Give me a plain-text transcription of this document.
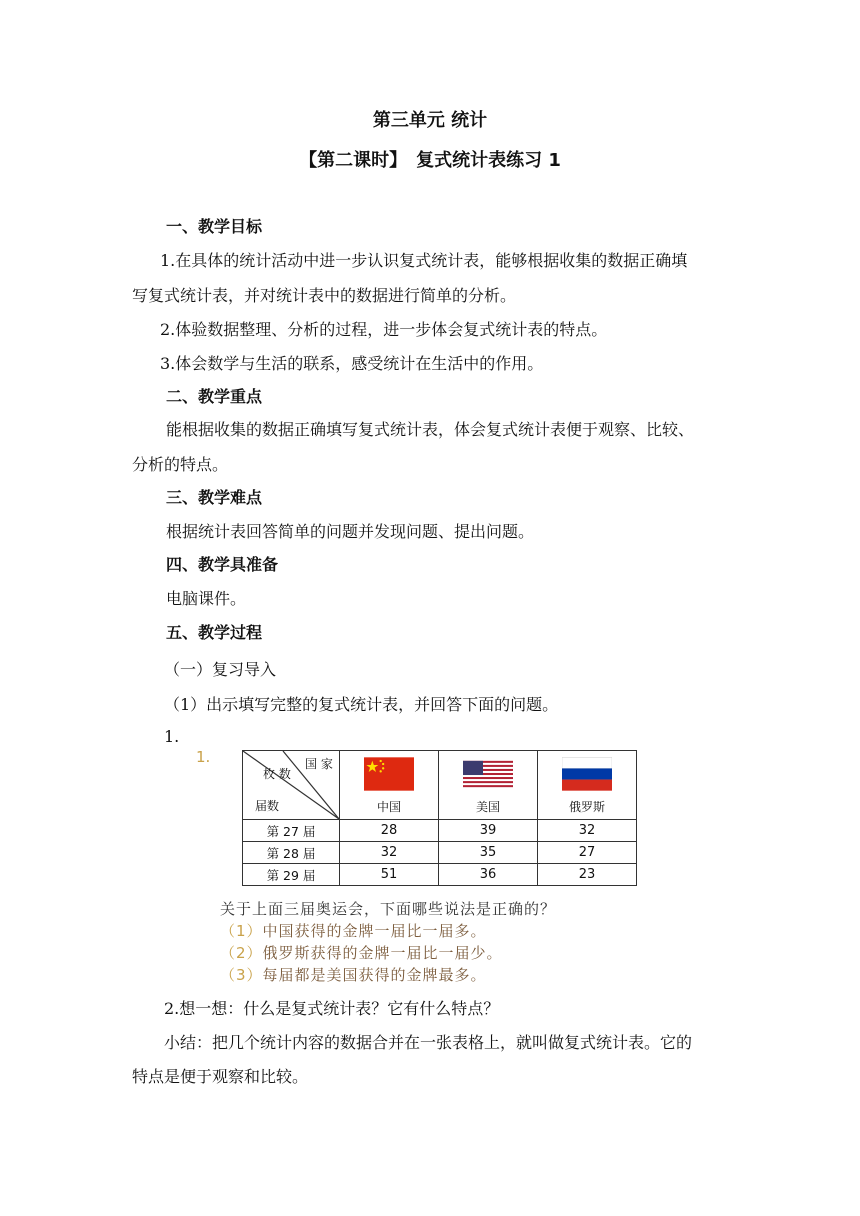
第三单元 统计
【第二课时】　复式统计表练习 1
一、教学目标
1.在具体的统计活动中进一步认识复式统计表，能够根据收集的数据正确填
写复式统计表，并对统计表中的数据进行简单的分析。
2.体验数据整理、分析的过程，进一步体会复式统计表的特点。
3.体会数学与生活的联系，感受统计在生活中的作用。
二、教学重点
能根据收集的数据正确填写复式统计表，体会复式统计表便于观察、比较、
分析的特点。
三、教学难点
根据统计表回答简单的问题并发现问题、提出问题。
四、教学具准备
电脑课件。
五、教学过程
（一）复习导入
（1）出示填写完整的复式统计表，并回答下面的问题。
1.
1.	国 家
枚 数
届数	中国	美国	俄罗斯

第 27 届	28	39	32
第 28 届	32	35	27
第 29 届	51	36	23
关于上面三届奥运会，下面哪些说法是正确的？
（1）中国获得的金牌一届比一届多。
（2）俄罗斯获得的金牌一届比一届少。
（3）每届都是美国获得的金牌最多。
2.想一想：什么是复式统计表？它有什么特点？
小结：把几个统计内容的数据合并在一张表格上，就叫做复式统计表。它的
特点是便于观察和比较。
